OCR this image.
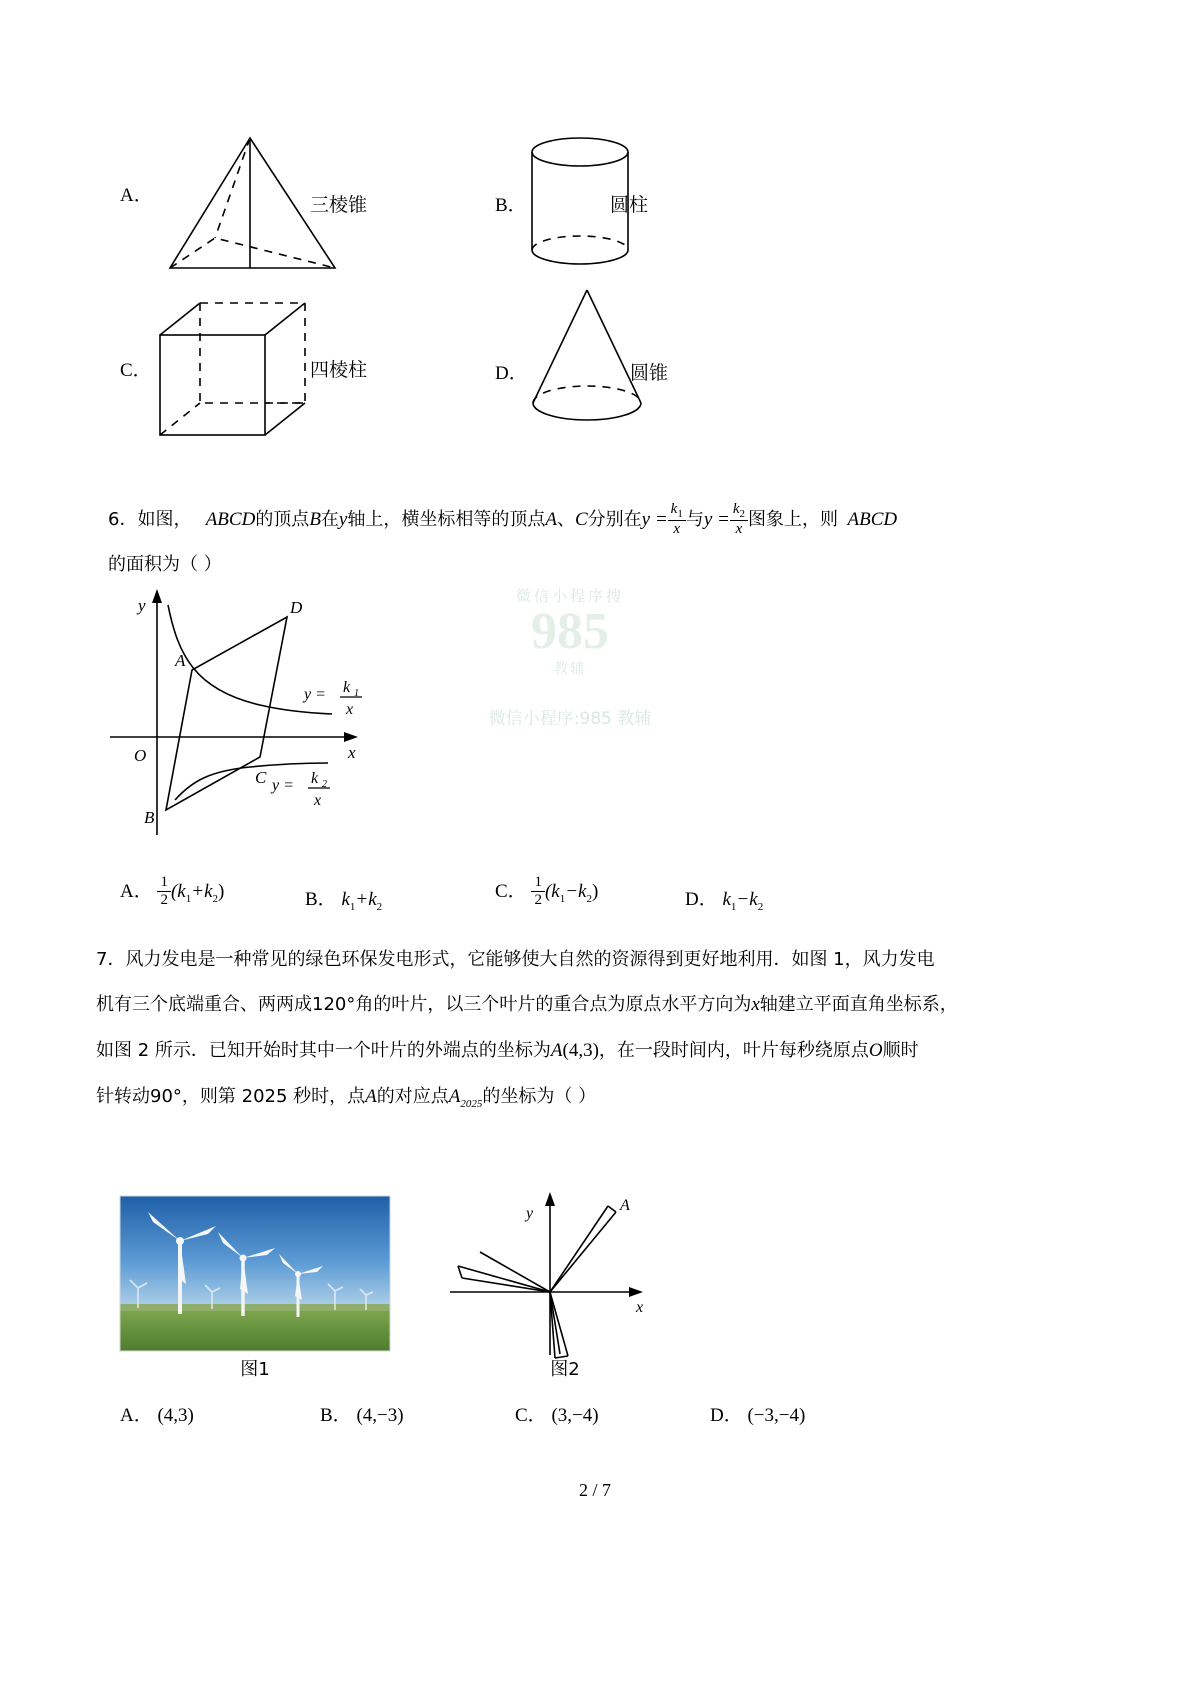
A．	三棱锥	B．	圆柱
C．	四棱柱	D．	圆锥
6．如图， ABCD的顶点B在y轴上，横坐标相等的顶点A、C分别在$y = \frac{k_1}{x}$ 与$y = \frac{k_2}{x}$ 图象上，则 ABCD
的面积为（ ）
y
x
O
A
B
C
D
y = k 1
x
y = k 2
x
微信小程序搜
985
教辅
微信小程序:985 教辅
A． $\frac{1}{2} (k_1+k_2)$	B． $k_1+k_2$
C． $\frac{1}{2} (k_1-k_2)$	D． $k_1-k_2$
7．风力发电是一种常见的绿色环保发电形式，它能够使大自然的资源得到更好地利用．如图 1，风力发电
机有三个底端重合、两两成120°角的叶片，以三个叶片的重合点为原点水平方向为x轴建立平面直角坐标系，
如图 2 所示．已知开始时其中一个叶片的外端点的坐标为A(4,3)，在一段时间内，叶片每秒绕原点O顺时
针转动90°，则第 2025 秒时，点A的对应点$A_{2025}$的坐标为（ ）
图1
y
x
A
图2
A． (4,3)	B． (4,−3)	C． (3,−4)	D． (−3,−4)
2 / 7
